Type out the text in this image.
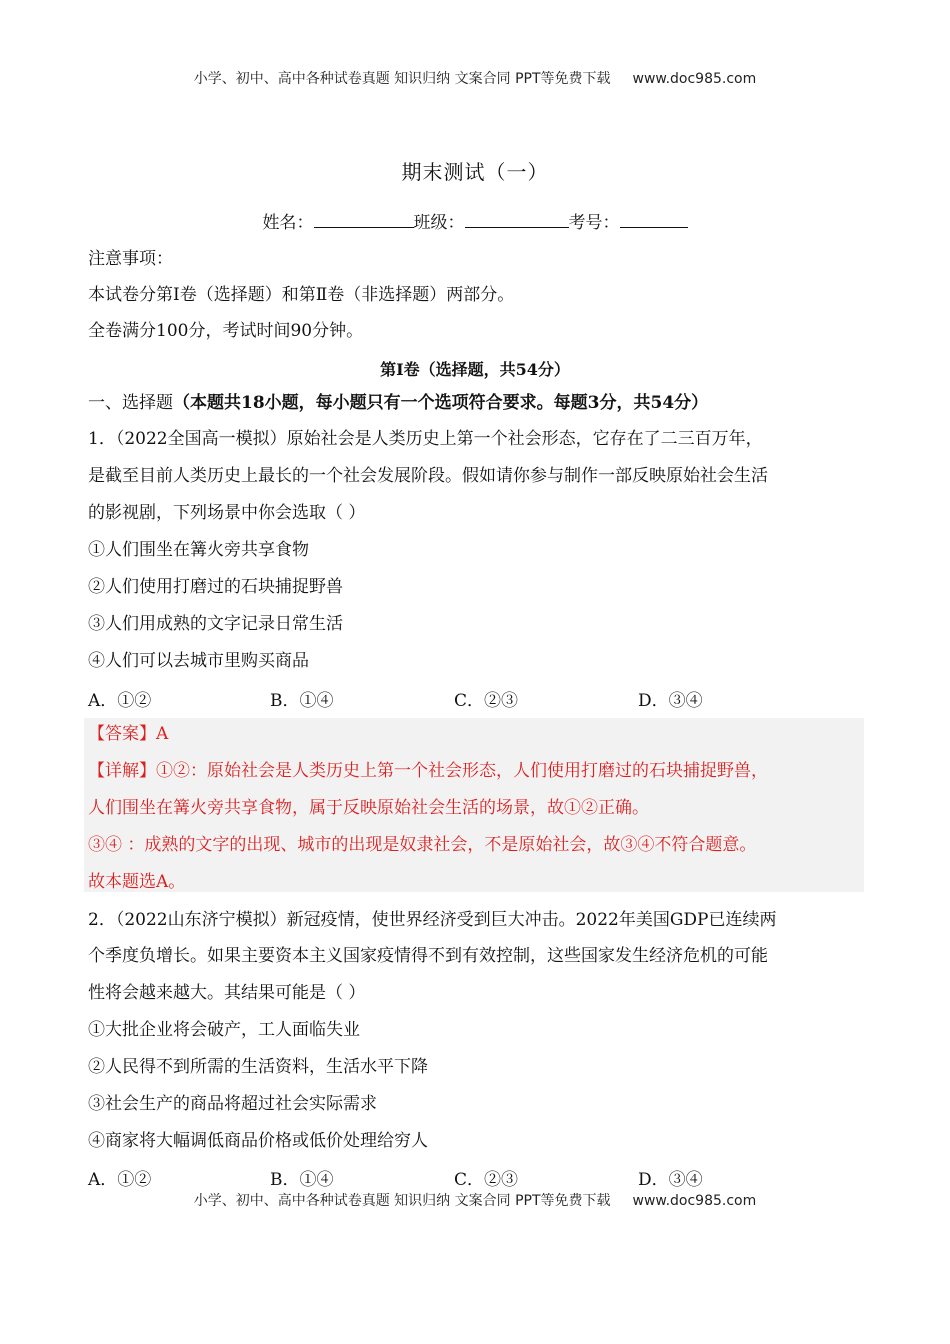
小学、初中、高中各种试卷真题 知识归纳 文案合同 PPT等免费下载 www.doc985.com
期末测试（一）
姓名：	班级：	考号：
注意事项：
本试卷分第Ⅰ卷（选择题）和第Ⅱ卷（非选择题）两部分。
全卷满分100分，考试时间90分钟。
第Ⅰ卷（选择题，共54分）
一、选择题（本题共18小题，每小题只有一个选项符合要求。每题3分，共54分）
1．（2022全国高一模拟）原始社会是人类历史上第一个社会形态，它存在了二三百万年，
是截至目前人类历史上最长的一个社会发展阶段。假如请你参与制作一部反映原始社会生活
的影视剧，下列场景中你会选取（ ）
①人们围坐在篝火旁共享食物
②人们使用打磨过的石块捕捉野兽
③人们用成熟的文字记录日常生活
④人们可以去城市里购买商品
A．①②	B．①④	C．②③	D．③④
【答案】A
【详解】①②：原始社会是人类历史上第一个社会形态，人们使用打磨过的石块捕捉野兽，
人们围坐在篝火旁共享食物，属于反映原始社会生活的场景，故①②正确。
③④ ：成熟的文字的出现、城市的出现是奴隶社会，不是原始社会，故③④不符合题意。
故本题选A。
2．（2022山东济宁模拟）新冠疫情，使世界经济受到巨大冲击。2022年美国GDP已连续两
个季度负增长。如果主要资本主义国家疫情得不到有效控制，这些国家发生经济危机的可能
性将会越来越大。其结果可能是（ ）
①大批企业将会破产，工人面临失业
②人民得不到所需的生活资料，生活水平下降
③社会生产的商品将超过社会实际需求
④商家将大幅调低商品价格或低价处理给穷人
A．①②	B．①④	C．②③	D．③④
小学、初中、高中各种试卷真题 知识归纳 文案合同 PPT等免费下载 www.doc985.com
